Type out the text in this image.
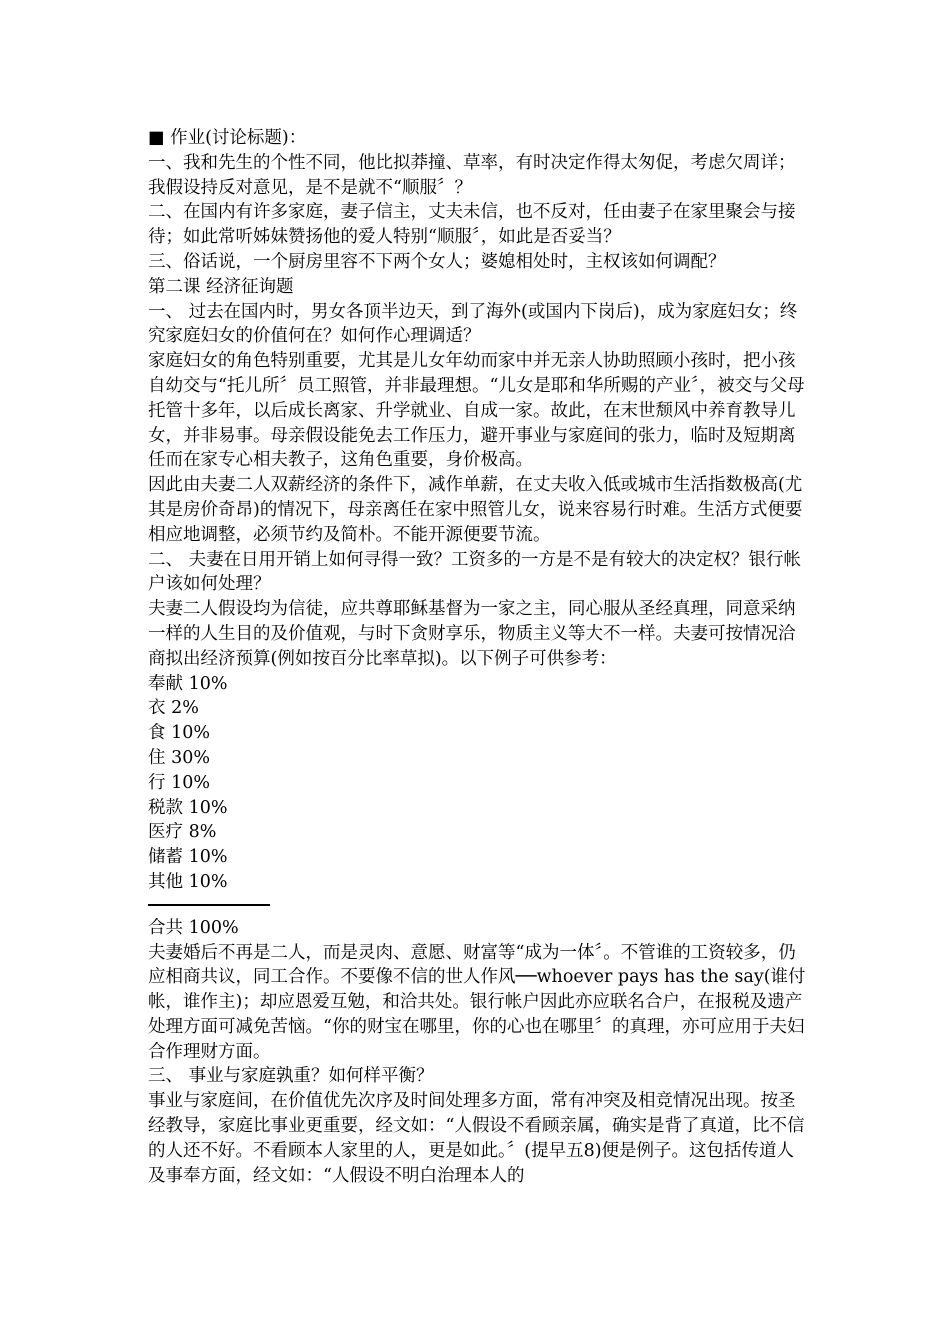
■ 作业(讨论标题)：

一、我和先生的个性不同，他比拟莽撞、草率，有时决定作得太匆促，考虑欠周详；我假设持反对意见，是不是就不“顺服〞？

二、在国内有许多家庭，妻子信主，丈夫未信，也不反对，任由妻子在家里聚会与接待；如此常听姊妹赞扬他的爱人特别“顺服〞，如此是否妥当？

三、俗话说，一个厨房里容不下两个女人；婆媳相处时，主权该如何调配？

第二课 经济征询题

一、 过去在国内时，男女各顶半边天，到了海外(或国内下岗后)，成为家庭妇女；终究家庭妇女的价值何在？如何作心理调适？

家庭妇女的角色特别重要，尤其是儿女年幼而家中并无亲人协助照顾小孩时，把小孩自幼交与“托儿所〞员工照管，并非最理想。“儿女是耶和华所赐的产业〞，被交与父母托管十多年，以后成长离家、升学就业、自成一家。故此，在末世颓风中养育教导儿女，并非易事。母亲假设能免去工作压力，避开事业与家庭间的张力，临时及短期离任而在家专心相夫教子，这角色重要，身价极高。

因此由夫妻二人双薪经济的条件下，减作单薪，在丈夫收入低或城市生活指数极高(尤其是房价奇昂)的情况下，母亲离任在家中照管儿女，说来容易行时难。生活方式便要相应地调整，必须节约及简朴。不能开源便要节流。

二、 夫妻在日用开销上如何寻得一致？工资多的一方是不是有较大的决定权？银行帐户该如何处理？

夫妻二人假设均为信徒，应共尊耶稣基督为一家之主，同心服从圣经真理，同意采纳一样的人生目的及价值观，与时下贪财享乐，物质主义等大不一样。夫妻可按情况洽商拟出经济预算(例如按百分比率草拟)。以下例子可供参考：

奉献 10%

衣 2%

食 10%

住 30%

行 10%

税款 10%

医疗 8%

储蓄 10%

其他 10%

合共 100%

夫妻婚后不再是二人，而是灵肉、意愿、财富等“成为一体〞。不管谁的工资较多，仍应相商共议，同工合作。不要像不信的世人作风──whoever pays has the say(谁付帐，谁作主)；却应恩爱互勉，和洽共处。银行帐户因此亦应联名合户，在报税及遗产处理方面可减免苦恼。“你的财宝在哪里，你的心也在哪里〞的真理，亦可应用于夫妇合作理财方面。

三、 事业与家庭孰重？如何样平衡？

事业与家庭间，在价值优先次序及时间处理多方面，常有冲突及相竞情况出现。按圣经教导，家庭比事业更重要，经文如：“人假设不看顾亲属，确实是背了真道，比不信的人还不好。不看顾本人家里的人，更是如此。〞(提早五8)便是例子。这包括传道人及事奉方面，经文如：“人假设不明白治理本人的
